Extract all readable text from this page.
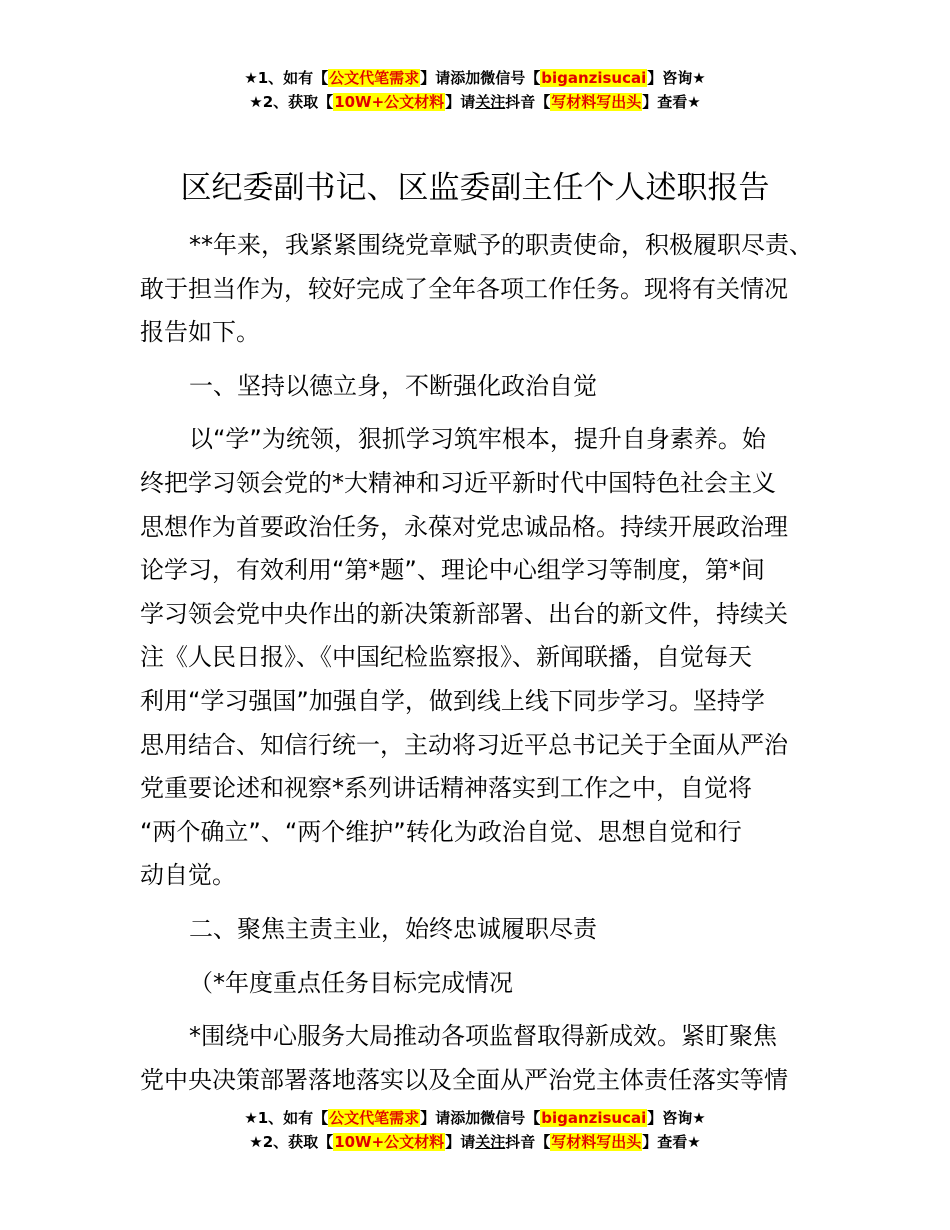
★1、如有【公文代笔需求】请添加微信号【biganzisucai】咨询★
★2、获取【10W+公文材料】请关注抖音【写材料写出头】查看★
区纪委副书记、区监委副主任个人述职报告
**年来，我紧紧围绕党章赋予的职责使命，积极履职尽责、
敢于担当作为，较好完成了全年各项工作任务。现将有关情况
报告如下。
一、坚持以德立身，不断强化政治自觉
以“学”为统领，狠抓学习筑牢根本，提升自身素养。始
终把学习领会党的*大精神和习近平新时代中国特色社会主义
思想作为首要政治任务，永葆对党忠诚品格。持续开展政治理
论学习，有效利用“第*题”、理论中心组学习等制度，第*间
学习领会党中央作出的新决策新部署、出台的新文件，持续关
注《人民日报》、《中国纪检监察报》、新闻联播，自觉每天
利用“学习强国”加强自学，做到线上线下同步学习。坚持学
思用结合、知信行统一，主动将习近平总书记关于全面从严治
党重要论述和视察*系列讲话精神落实到工作之中，自觉将
“两个确立”、“两个维护”转化为政治自觉、思想自觉和行
动自觉。
二、聚焦主责主业，始终忠诚履职尽责
（*年度重点任务目标完成情况
*围绕中心服务大局推动各项监督取得新成效。紧盯聚焦
党中央决策部署落地落实以及全面从严治党主体责任落实等情
★1、如有【公文代笔需求】请添加微信号【biganzisucai】咨询★
★2、获取【10W+公文材料】请关注抖音【写材料写出头】查看★
